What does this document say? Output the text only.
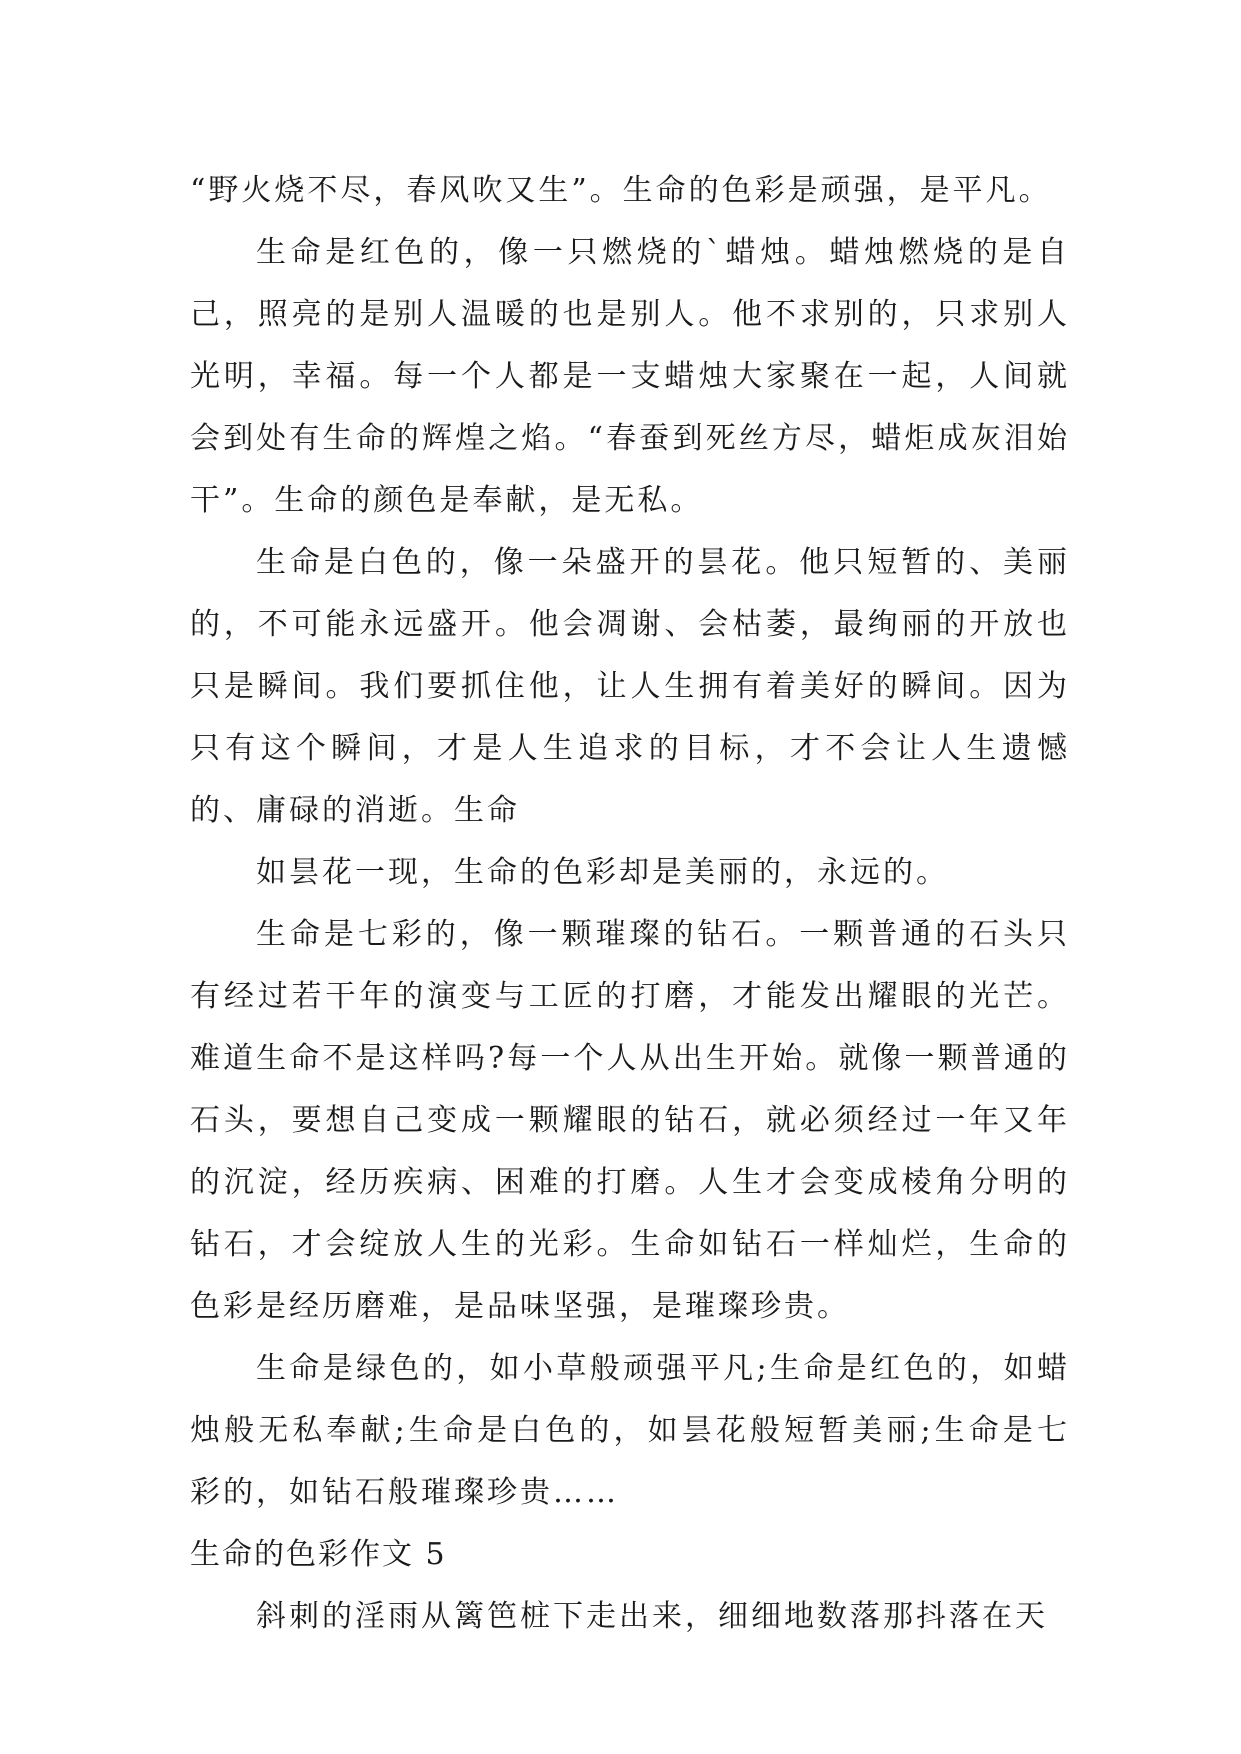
“野火烧不尽，春风吹又生”。生命的色彩是顽强，是平凡。

生命是红色的，像一只燃烧的`蜡烛。蜡烛燃烧的是自己，照亮的是别人温暖的也是别人。他不求别的，只求别人光明，幸福。每一个人都是一支蜡烛大家聚在一起，人间就会到处有生命的辉煌之焰。“春蚕到死丝方尽，蜡炬成灰泪始干”。生命的颜色是奉献，是无私。

生命是白色的，像一朵盛开的昙花。他只短暂的、美丽的，不可能永远盛开。他会凋谢、会枯萎，最绚丽的开放也只是瞬间。我们要抓住他，让人生拥有着美好的瞬间。因为只有这个瞬间，才是人生追求的目标，才不会让人生遗憾的、庸碌的消逝。生命

如昙花一现，生命的色彩却是美丽的，永远的。

生命是七彩的，像一颗璀璨的钻石。一颗普通的石头只有经过若干年的演变与工匠的打磨，才能发出耀眼的光芒。难道生命不是这样吗?每一个人从出生开始。就像一颗普通的石头，要想自己变成一颗耀眼的钻石，就必须经过一年又年的沉淀，经历疾病、困难的打磨。人生才会变成棱角分明的钻石，才会绽放人生的光彩。生命如钻石一样灿烂，生命的色彩是经历磨难，是品味坚强，是璀璨珍贵。

生命是绿色的，如小草般顽强平凡;生命是红色的，如蜡烛般无私奉献;生命是白色的，如昙花般短暂美丽;生命是七彩的，如钻石般璀璨珍贵……

生命的色彩作文 5

斜刺的淫雨从篱笆桩下走出来，细细地数落那抖落在天
